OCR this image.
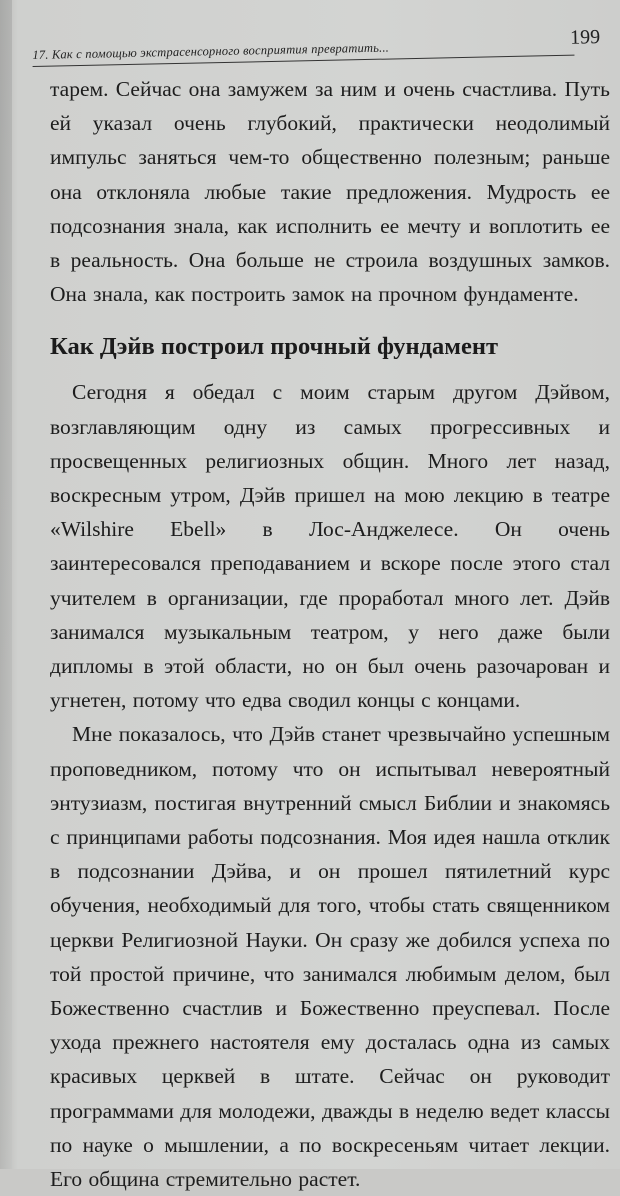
17. Как с помощью экстрасенсорного восприятия превратить...
199

тарем. Сейчас она замужем за ним и очень счастлива. Путь ей указал очень глубокий, практически неодолимый импульс заняться чем-то общественно полезным; раньше она отклоняла любые такие предложения. Мудрость ее подсознания знала, как исполнить ее мечту и воплотить ее в реальность. Она больше не строила воздушных замков. Она знала, как построить замок на прочном фундаменте.

Как Дэйв построил прочный фундамент

Сегодня я обедал с моим старым другом Дэйвом, возглавляющим одну из самых прогрессивных и просвещенных религиозных общин. Много лет назад, воскресным утром, Дэйв пришел на мою лекцию в театре «Wilshire Ebell» в Лос-Анджелесе. Он очень заинтересовался преподаванием и вскоре после этого стал учителем в организации, где проработал много лет. Дэйв занимался музыкальным театром, у него даже были дипломы в этой области, но он был очень разочарован и угнетен, потому что едва сводил концы с концами.

Мне показалось, что Дэйв станет чрезвычайно успешным проповедником, потому что он испытывал невероятный энтузиазм, постигая внутренний смысл Библии и знакомясь с принципами работы подсознания. Моя идея нашла отклик в подсознании Дэйва, и он прошел пятилетний курс обучения, необходимый для того, чтобы стать священником церкви Религиозной Науки. Он сразу же добился успеха по той простой причине, что занимался любимым делом, был Божественно счастлив и Божественно преуспевал. После ухода прежнего настоятеля ему досталась одна из самых красивых церквей в штате. Сейчас он руководит программами для молодежи, дважды в неделю ведет классы по науке о мышлении, а по воскресеньям читает лекции. Его община стремительно растет.
